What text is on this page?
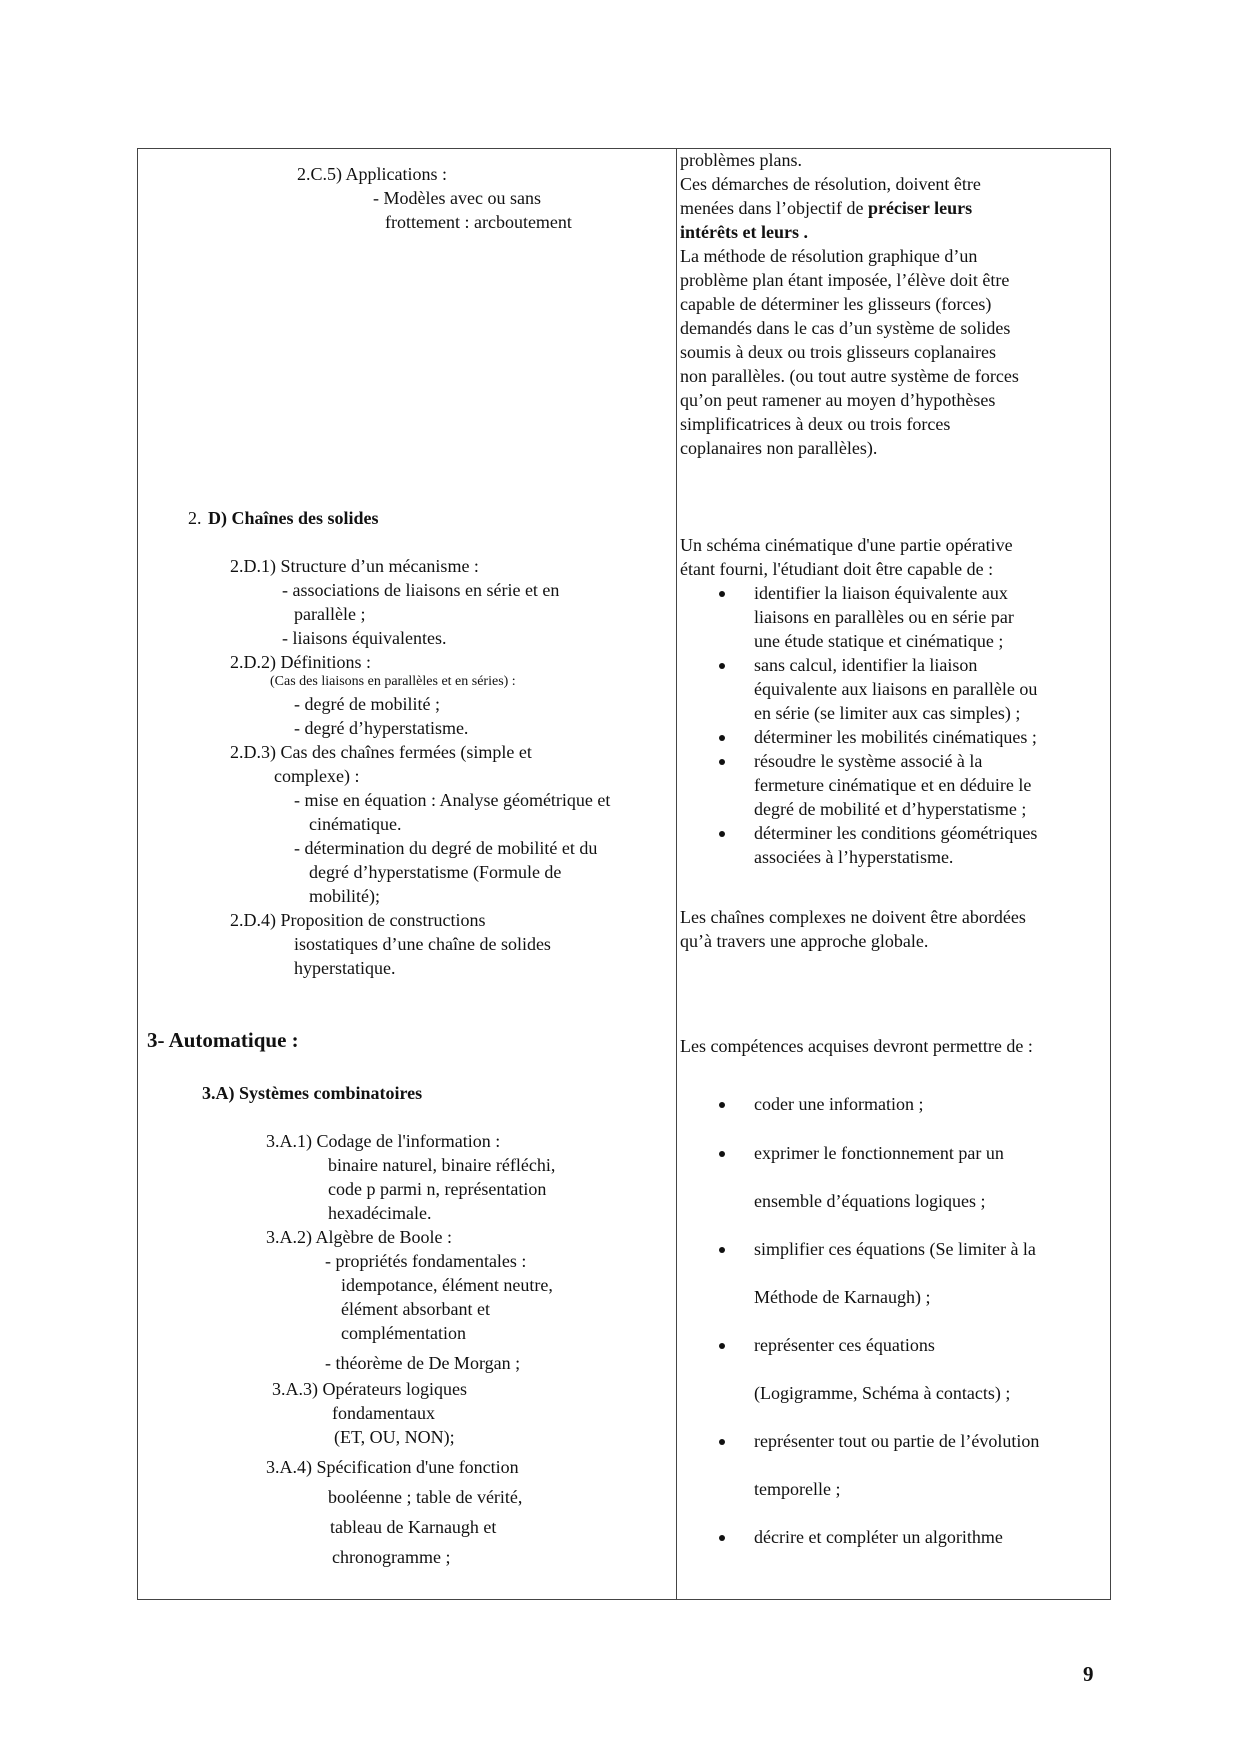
2.C.5) Applications :
- Modèles avec ou sans
frottement : arcboutement
2. D) Chaînes des solides
2.D.1) Structure d’un mécanisme :
- associations de liaisons en série et en
parallèle ;
- liaisons équivalentes.
2.D.2) Définitions :
(Cas des liaisons en parallèles et en séries) :
- degré de mobilité ;
- degré d’hyperstatisme.
2.D.3) Cas des chaînes fermées (simple et
complexe) :
- mise en équation : Analyse géométrique et
cinématique.
- détermination du degré de mobilité et du
degré d’hyperstatisme (Formule de
mobilité);
2.D.4) Proposition de constructions
isostatiques d’une chaîne de solides
hyperstatique.
3- Automatique :
3.A) Systèmes combinatoires
3.A.1) Codage de l'information :
binaire naturel, binaire réfléchi,
code p parmi n, représentation
hexadécimale.
3.A.2) Algèbre de Boole :
- propriétés fondamentales :
idempotance, élément neutre,
élément absorbant et
complémentation
- théorème de De Morgan ;
3.A.3) Opérateurs logiques
fondamentaux
(ET, OU, NON);
3.A.4) Spécification d'une fonction
booléenne ; table de vérité,
tableau de Karnaugh et
chronogramme ;
problèmes plans.
Ces démarches de résolution, doivent être
menées dans l’objectif de préciser leurs
intérêts et leurs .
La méthode de résolution graphique d’un
problème plan étant imposée, l’élève doit être
capable de déterminer les glisseurs (forces)
demandés dans le cas d’un système de solides
soumis à deux ou trois glisseurs coplanaires
non parallèles. (ou tout autre système de forces
qu’on peut ramener au moyen d’hypothèses
simplificatrices à deux ou trois forces
coplanaires non parallèles).
Un schéma cinématique d'une partie opérative
étant fourni, l'étudiant doit être capable de :
identifier la liaison équivalente aux
liaisons en parallèles ou en série par
une étude statique et cinématique ;
sans calcul, identifier la liaison
équivalente aux liaisons en parallèle ou
en série (se limiter aux cas simples) ;
déterminer les mobilités cinématiques ;
résoudre le système associé à la
fermeture cinématique et en déduire le
degré de mobilité et d’hyperstatisme ;
déterminer les conditions géométriques
associées à l’hyperstatisme.
Les chaînes complexes ne doivent être abordées
qu’à travers une approche globale.
Les compétences acquises devront permettre de :
coder une information ;
exprimer le fonctionnement par un
ensemble d’équations logiques ;
simplifier ces équations (Se limiter à la
Méthode de Karnaugh) ;
représenter ces équations
(Logigramme, Schéma à contacts) ;
représenter tout ou partie de l’évolution
temporelle ;
décrire et compléter un algorithme
9
